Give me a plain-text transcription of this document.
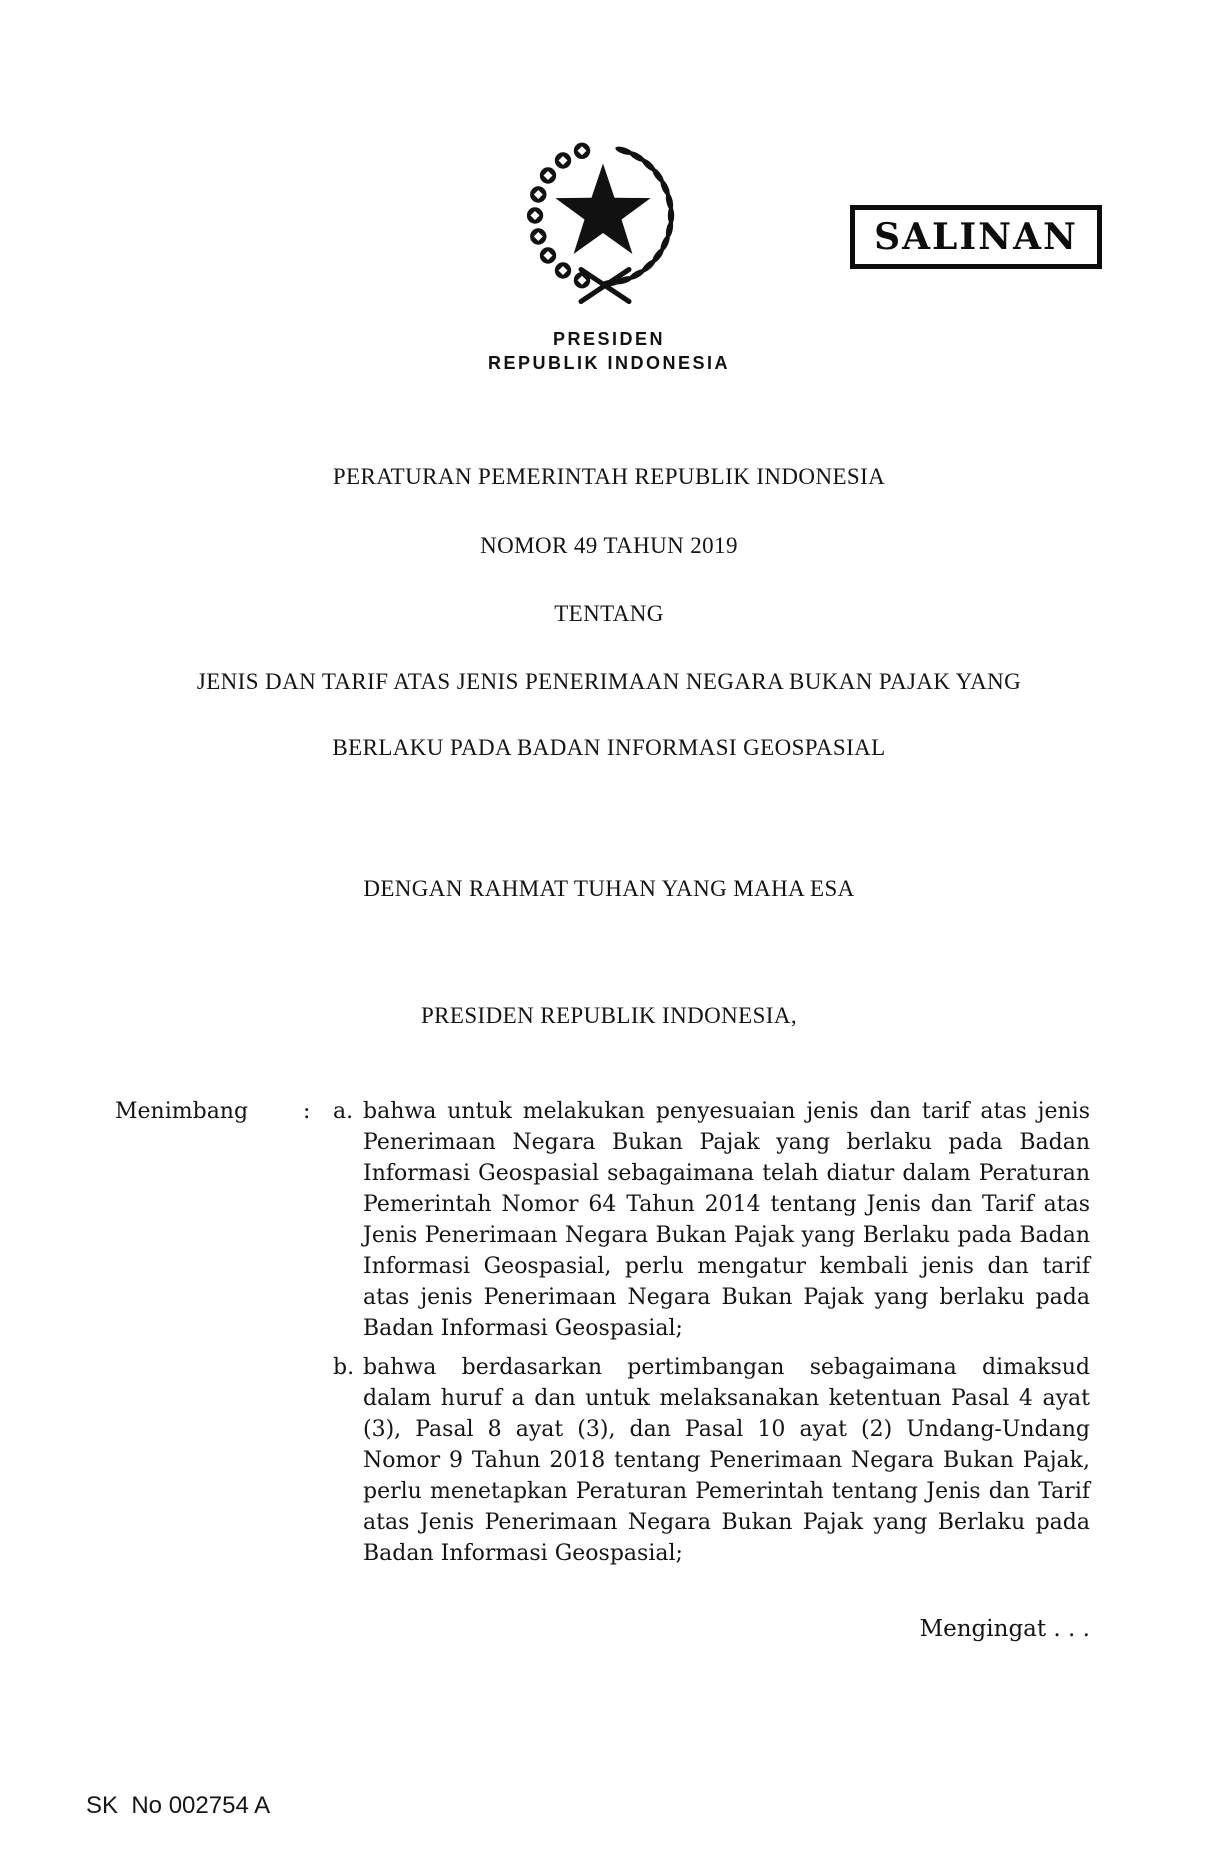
PRESIDEN
REPUBLIK INDONESIA
SALINAN
PERATURAN PEMERINTAH REPUBLIK INDONESIA
NOMOR 49 TAHUN 2019
TENTANG
JENIS DAN TARIF ATAS JENIS PENERIMAAN NEGARA BUKAN PAJAK YANG
BERLAKU PADA BADAN INFORMASI GEOSPASIAL
DENGAN RAHMAT TUHAN YANG MAHA ESA
PRESIDEN REPUBLIK INDONESIA,
Menimbang	:	a. bahwa untuk melakukan penyesuaian jenis dan tarif atas jenis Penerimaan Negara Bukan Pajak yang berlaku pada Badan Informasi Geospasial sebagaimana telah diatur dalam Peraturan Pemerintah Nomor 64 Tahun 2014 tentang Jenis dan Tarif atas Jenis Penerimaan Negara Bukan Pajak yang Berlaku pada Badan Informasi Geospasial, perlu mengatur kembali jenis dan tarif atas jenis Penerimaan Negara Bukan Pajak yang berlaku pada Badan Informasi Geospasial;

b. bahwa berdasarkan pertimbangan sebagaimana dimaksud dalam huruf a dan untuk melaksanakan ketentuan Pasal 4 ayat (3), Pasal 8 ayat (3), dan Pasal 10 ayat (2) Undang-Undang Nomor 9 Tahun 2018 tentang Penerimaan Negara Bukan Pajak, perlu menetapkan Peraturan Pemerintah tentang Jenis dan Tarif atas Jenis Penerimaan Negara Bukan Pajak yang Berlaku pada Badan Informasi Geospasial;

Mengingat . . .
SK  No 002754 A
